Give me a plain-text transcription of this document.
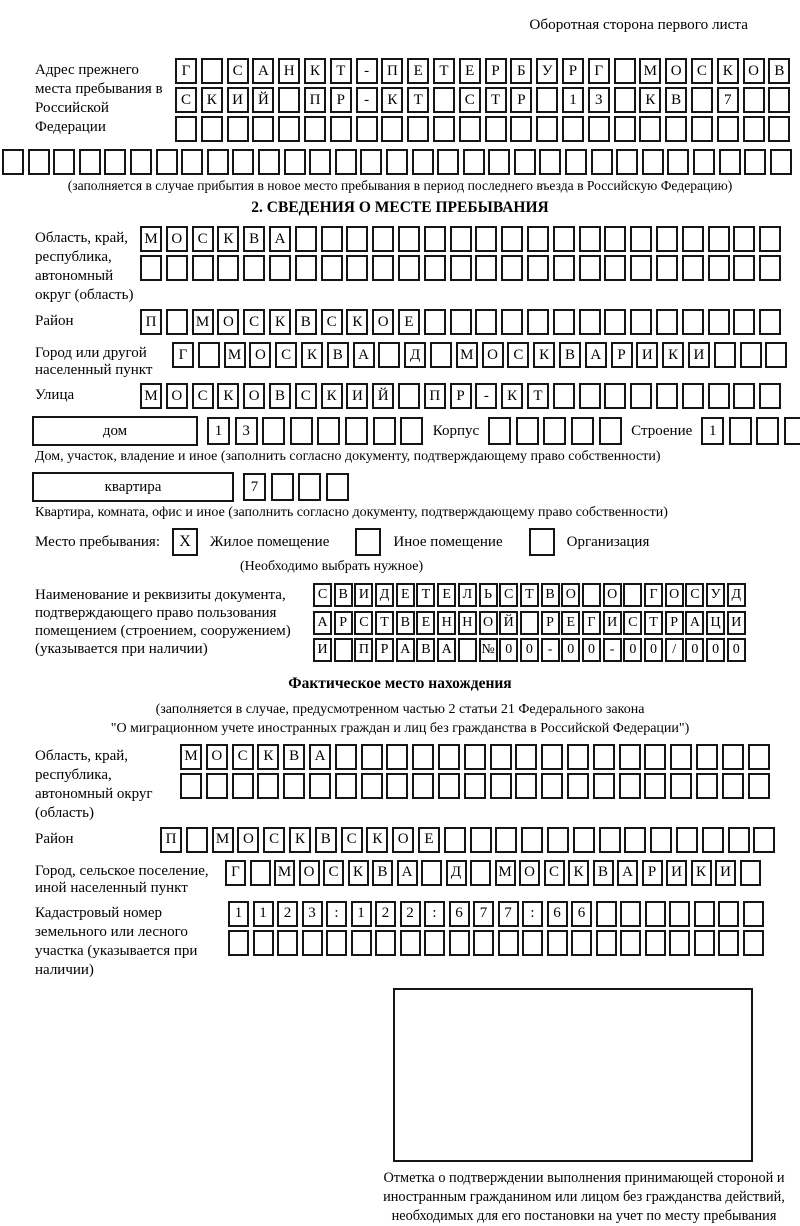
Оборотная сторона первого листа
Адрес прежнего места пребывания в Российской Федерации
Г	С	А Н	К	Т	-	П	Е	Т	Е	Р	Б	У	Р	Г	М О	С	К	О	В
С	К	И Й	П	Р	-	К	Т	С	Т	Р	1	3	К	В	7
(заполняется в случае прибытия в новое место пребывания в период последнего въезда в Российскую Федерацию)
2. СВЕДЕНИЯ О МЕСТЕ ПРЕБЫВАНИЯ
Область, край, республика, автономный округ (область)
М О	С	К	В	А
Район	П	М О	С	К	В	С	К	О	Е
Город или другой населенный пункт
Г	М О	С	К	В	А	Д	М О	С	К	В	А	Р	И	К	И
Улица	М О	С	К	О	В	С	К	И Й	П	Р	-	К	Т
дом	1	3	Корпус	Строение	1
Дом, участок, владение и иное (заполнить согласно документу, подтверждающему право собственности)
квартира	7
Квартира, комната, офис и иное (заполнить согласно документу, подтверждающему право собственности)
Место пребывания:	X	Жилое помещение	Иное помещение	Организация
(Необходимо выбрать нужное)
Наименование и реквизиты документа, подтверждающего право пользования помещением (строением, сооружением) (указывается при наличии)
С В И Д Е Т Е Л Ь С Т В О	О	Г О С У Д
А Р С Т В Е Н Н О Й	Р Е Г И С Т Р А Ц И
И	П Р А В А	№ 0 0	-	0 0	-	0 0	/	0 0 0
Фактическое место нахождения
(заполняется в случае, предусмотренном частью 2 статьи 21 Федерального закона
"О миграционном учете иностранных граждан и лиц без гражданства в Российской Федерации")
Область, край, республика, автономный округ (область)
М О	С	К	В	А
Район	П	М О	С	К	В	С	К	О	Е
Город, сельское поселение, иной населенный пункт
Г	М О С К В А	Д	М О С К В А Р И К И
Кадастровый номер земельного или лесного участка (указывается при наличии)
1	1	2	3	:	1	2	2	:	6	7	7	:	6	6
Отметка о подтверждении выполнения принимающей стороной и иностранным гражданином или лицом без гражданства действий, необходимых для его постановки на учет по месту пребывания
